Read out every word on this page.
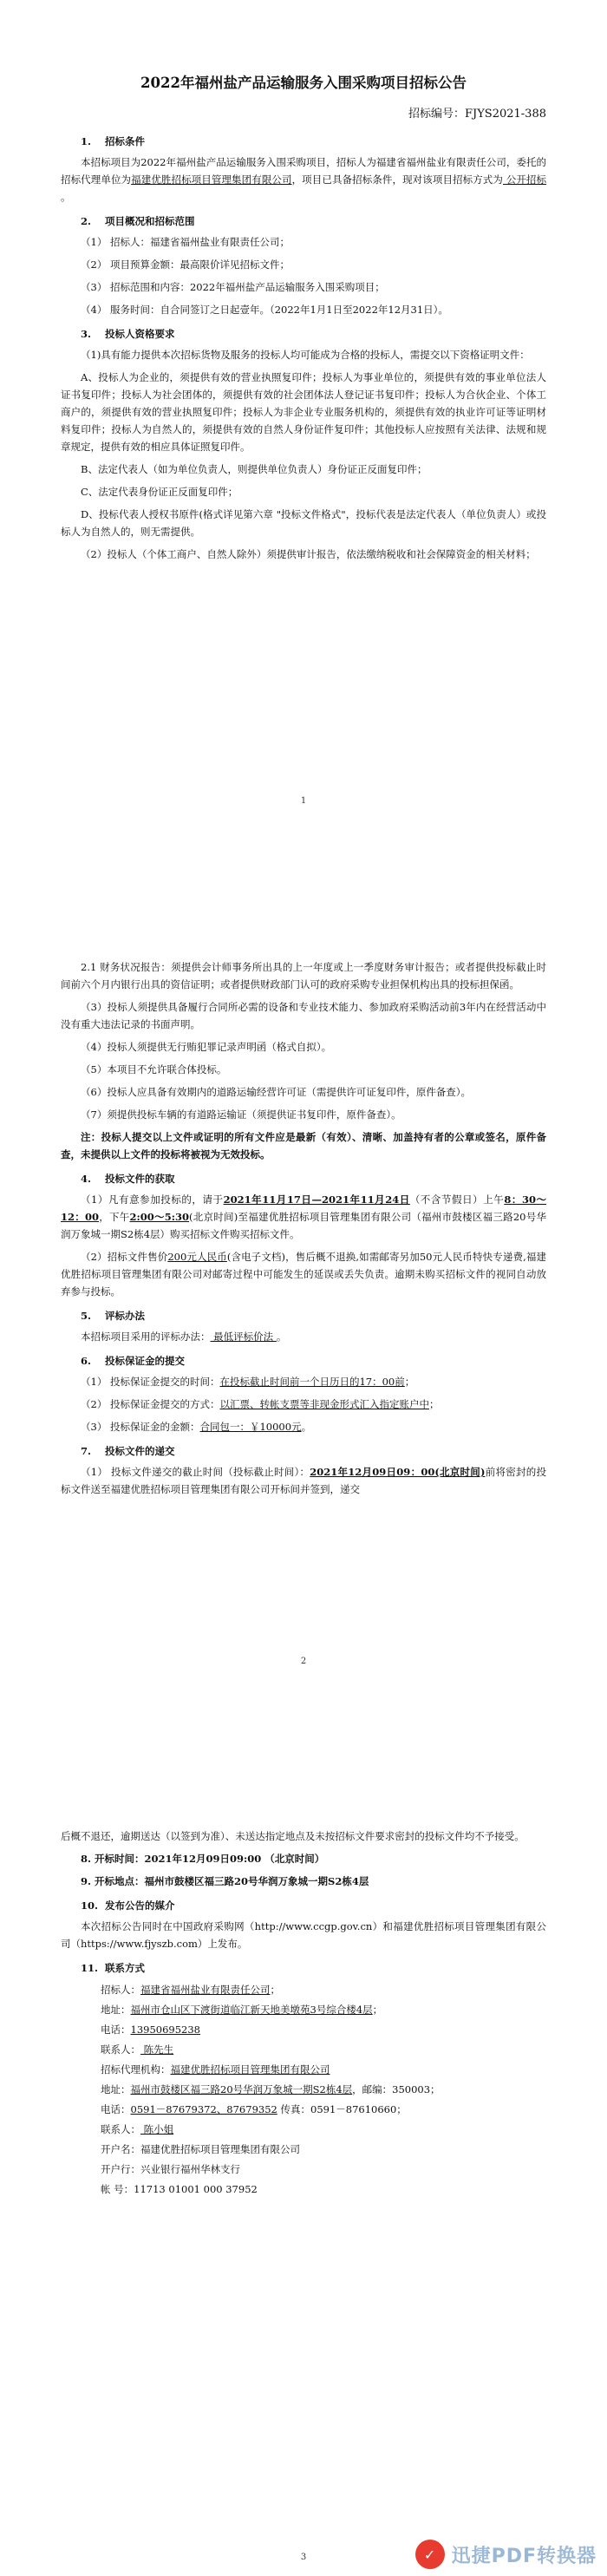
2022年福州盐产品运输服务入围采购项目招标公告
招标编号：FJYS2021-388
1. 招标条件

本招标项目为2022年福州盐产品运输服务入围采购项目，招标人为福建省福州盐业有限责任公司，委托的招标代理单位为福建优胜招标项目管理集团有限公司，项目已具备招标条件，现对该项目招标方式为 公开招标 。

2. 项目概况和招标范围

（1） 招标人：福建省福州盐业有限责任公司；

（2） 项目预算金额：最高限价详见招标文件；

（3） 招标范围和内容：2022年福州盐产品运输服务入围采购项目；

（4） 服务时间：自合同签订之日起壹年。（2022年1月1日至2022年12月31日）。

3. 投标人资格要求

（1)具有能力提供本次招标货物及服务的投标人均可能成为合格的投标人，需提交以下资格证明文件：

A、投标人为企业的，须提供有效的营业执照复印件；投标人为事业单位的，须提供有效的事业单位法人证书复印件；投标人为社会团体的，须提供有效的社会团体法人登记证书复印件；投标人为合伙企业、个体工商户的，须提供有效的营业执照复印件；投标人为非企业专业服务机构的，须提供有效的执业许可证等证明材料复印件；投标人为自然人的，须提供有效的自然人身份证件复印件；其他投标人应按照有关法律、法规和规章规定，提供有效的相应具体证照复印件。

B、法定代表人（如为单位负责人，则提供单位负责人）身份证正反面复印件；

C、法定代表身份证正反面复印件；

D、投标代表人授权书原件(格式详见第六章 "投标文件格式"，投标代表是法定代表人（单位负责人）或投标人为自然人的，则无需提供。

（2）投标人（个体工商户、自然人除外）须提供审计报告，依法缴纳税收和社会保障资金的相关材料；

1

2.1 财务状况报告：须提供会计师事务所出具的上一年度或上一季度财务审计报告；或者提供投标截止时间前六个月内银行出具的资信证明；或者提供财政部门认可的政府采购专业担保机构出具的投标担保函。

（3）投标人须提供具备履行合同所必需的设备和专业技术能力、参加政府采购活动前3年内在经营活动中没有重大违法记录的书面声明。

（4）投标人须提供无行贿犯罪记录声明函（格式自拟）。

（5）本项目不允许联合体投标。

（6）投标人应具备有效期内的道路运输经营许可证（需提供许可证复印件，原件备查）。

（7）须提供投标车辆的有道路运输证（须提供证书复印件，原件备查）。

注：投标人提交以上文件或证明的所有文件应是最新（有效）、清晰、加盖持有者的公章或签名，原件备查，未提供以上文件的投标将被视为无效投标。

4. 投标文件的获取

（1）凡有意参加投标的，请于2021年11月17日—2021年11月24日（不含节假日）上午8：30～12：00，下午2:00～5:30(北京时间)至福建优胜招标项目管理集团有限公司（福州市鼓楼区福三路20号华润万象城一期S2栋4层）购买招标文件购买招标文件。

（2）招标文件售价200元人民币(含电子文档)，售后概不退换,如需邮寄另加50元人民币特快专递费,福建优胜招标项目管理集团有限公司对邮寄过程中可能发生的延误或丢失负责。逾期未购买招标文件的视同自动放弃参与投标。

5. 评标办法

本招标项目采用的评标办法： 最低评标价法 。

6. 投标保证金的提交

（1） 投标保证金提交的时间：在投标截止时间前一个日历日的17：00前；

（2） 投标保证金提交的方式：以汇票、转帐支票等非现金形式汇入指定账户中；

（3） 投标保证金的金额：合同包一：￥10000元。

7. 投标文件的递交

（1） 投标文件递交的截止时间（投标截止时间）：2021年12月09日09：00(北京时间)前将密封的投标文件送至福建优胜招标项目管理集团有限公司开标间并签到，递交

2

后概不退还，逾期送达（以签到为准）、未送达指定地点及未按招标文件要求密封的投标文件均不予接受。

8. 开标时间：2021年12月09日09:00 （北京时间）

9. 开标地点：福州市鼓楼区福三路20号华润万象城一期S2栋4层

10. 发布公告的媒介

本次招标公告同时在中国政府采购网（http://www.ccgp.gov.cn）和福建优胜招标项目管理集团有限公司（https://www.fjyszb.com）上发布。

11. 联系方式

招标人：福建省福州盐业有限责任公司；

地址：福州市仓山区下渡街道临江新天地美墩苑3号综合楼4层；

电话：13950695238

联系人： 陈先生

招标代理机构：福建优胜招标项目管理集团有限公司

地址：福州市鼓楼区福三路20号华润万象城一期S2栋4层，邮编：350003；

电话：0591－87679372、87679352 传真：0591－87610660；

联系人： 陈小姐

开户名：福建优胜招标项目管理集团有限公司

开户行：兴业银行福州华林支行

帐 号：11713 01001 000 37952

3	✓ 迅捷PDF转换器
